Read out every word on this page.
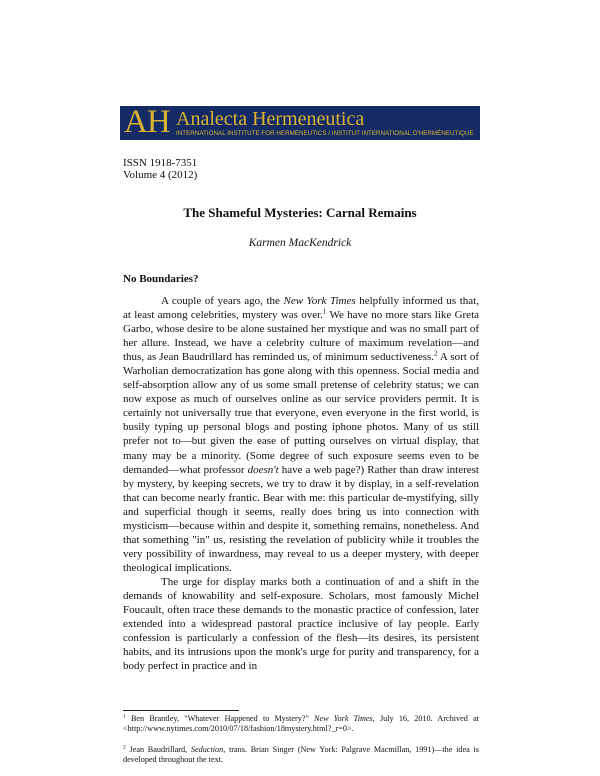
AH Analecta Hermeneutica
INTERNATIONAL INSTITUTE FOR HERMENEUTICS / INSTITUT INTERNATIONAL D'HERMÉNEUTIQUE
ISSN 1918-7351
Volume 4 (2012)
The Shameful Mysteries: Carnal Remains
Karmen MacKendrick
No Boundaries?

A couple of years ago, the New York Times helpfully informed us that, at least among celebrities, mystery was over.$^1$ We have no more stars like Greta Garbo, whose desire to be alone sustained her mystique and was no small part of her allure. Instead, we have a celebrity culture of maximum revelation—and thus, as Jean Baudrillard has reminded us, of minimum seductiveness.$^2$ A sort of Warholian democratization has gone along with this openness. Social media and self-absorption allow any of us some small pretense of celebrity status; we can now expose as much of ourselves online as our service providers permit. It is certainly not universally true that everyone, even everyone in the first world, is busily typing up personal blogs and posting iphone photos. Many of us still prefer not to—but given the ease of putting ourselves on virtual display, that many may be a minority. (Some degree of such exposure seems even to be demanded—what professor doesn't have a web page?) Rather than draw interest by mystery, by keeping secrets, we try to draw it by display, in a self-revelation that can become nearly frantic. Bear with me: this particular de-mystifying, silly and superficial though it seems, really does bring us into connection with mysticism—because within and despite it, something remains, nonetheless. And that something "in" us, resisting the revelation of publicity while it troubles the very possibility of inwardness, may reveal to us a deeper mystery, with deeper theological implications.

The urge for display marks both a continuation of and a shift in the demands of knowability and self-exposure. Scholars, most famously Michel Foucault, often trace these demands to the monastic practice of confession, later extended into a widespread pastoral practice inclusive of lay people. Early confession is particularly a confession of the flesh—its desires, its persistent habits, and its intrusions upon the monk's urge for purity and transparency, for a body perfect in practice and in

$^1$ Ben Brantley, "Whatever Happened to Mystery?" New York Times, July 16, 2010. Archived at <http://www.nytimes.com/2010/07/18/fashion/18mystery.html?_r=0>.
$^2$ Jean Baudrillard, Seduction, trans. Brian Singer (New York: Palgrave Macmillan, 1991)—the idea is developed throughout the text.
